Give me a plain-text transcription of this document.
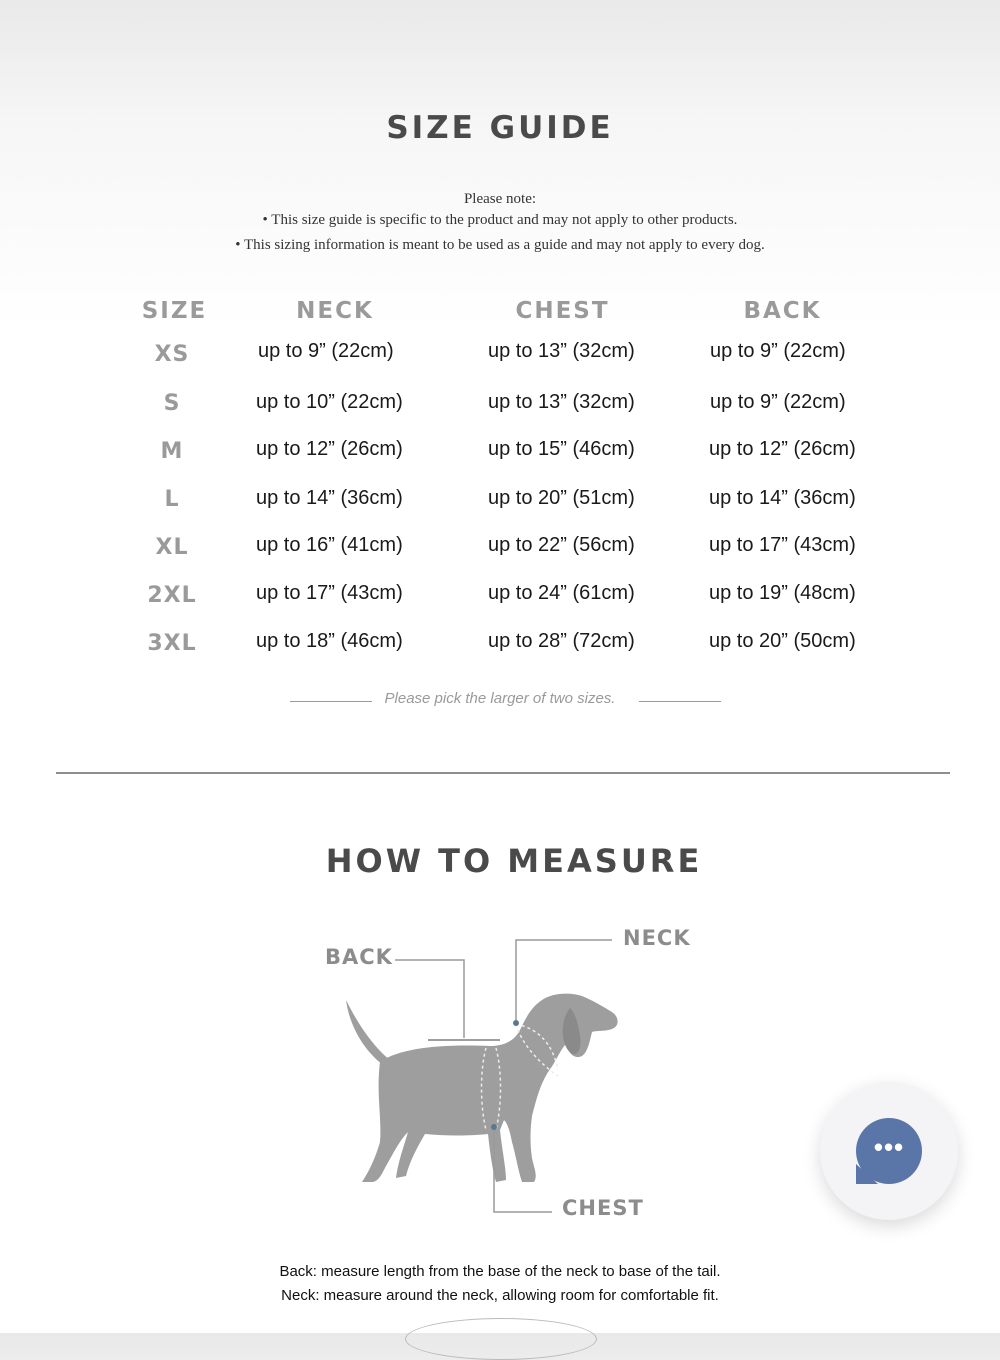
SIZE GUIDE
Please note:
• This size guide is specific to the product and may not apply to other products.
• This sizing information is meant to be used as a guide and may not apply to every dog.
SIZE	NECK	CHEST	BACK
XS	up to 9” (22cm)	up to 13” (32cm)	up to 9” (22cm)
S	up to 10” (22cm)	up to 13” (32cm)	up to 9” (22cm)
M	up to 12” (26cm)	up to 15” (46cm)	up to 12” (26cm)
L	up to 14” (36cm)	up to 20” (51cm)	up to 14” (36cm)
XL	up to 16” (41cm)	up to 22” (56cm)	up to 17” (43cm)
2XL	up to 17” (43cm)	up to 24” (61cm)	up to 19” (48cm)
3XL	up to 18” (46cm)	up to 28” (72cm)	up to 20” (50cm)
Please pick the larger of two sizes.
HOW TO MEASURE
BACK
NECK
CHEST
Back: measure length from the base of the neck to base of the tail.
Neck: measure around the neck, allowing room for comfortable fit.
•••
